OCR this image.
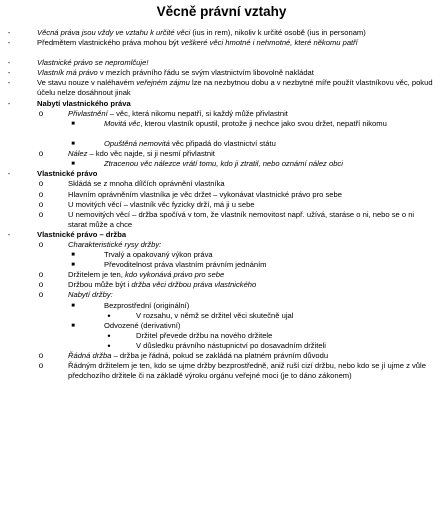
Věcně právní vztahy
-	Věcná práva jsou vždy ve vztahu k určité věci (ius in rem), nikoliv k určité osobě (ius in personam)
-	Předmětem vlastnického práva mohou být veškeré věci hmotné i nehmotné, které někomu patří
-	Vlastnické právo se nepromlčuje!
-	Vlastník má právo v mezích právního řádu se svým vlastnictvím libovolně nakládat
-	Ve stavu nouze v naléhavém veřejném zájmu lze na nezbytnou dobu a v nezbytné míře použít vlastníkovu věc, pokud účelu nelze dosáhnout jinak
-	Nabytí vlastnického práva
o	Přivlastnění – věc, která nikomu nepatří, si každý může přivlastnit
■	Movitá věc, kterou vlastník opustil, protože ji nechce jako svou držet, nepatří nikomu
■	Opuštěná nemovitá věc připadá do vlastnictví státu
o	Nález – kdo věc najde, si ji nesmí přivlastnit
■	Ztracenou věc nálezce vrátí tomu, kdo ji ztratil, nebo oznámí nález obci
-	Vlastnické právo
o	Skládá se z mnoha dílčích oprávnění vlastníka
o	Hlavním oprávněním vlastníka je věc držet – vykonávat vlastnické právo pro sebe
o	U movitých věcí – vlastník věc fyzicky drží, má ji u sebe
o	U nemovitých věcí – držba spočívá v tom, že vlastník nemovitost např. užívá, staráse o ni, nebo se o ni starat může a chce
-	Vlastnické právo – držba
o	Charakteristické rysy držby:
■	Trvalý a opakovaný výkon práva
■	Převoditelnost práva vlastním právním jednáním
o	Držitelem je ten, kdo vykonává právo pro sebe
o	Držbou může být i držba věci držbou práva vlastnického
o	Nabytí držby:
■	Bezprostřední (originální)
•	V rozsahu, v němž se držitel věci skutečně ujal
■	Odvozené (derivativní)
•	Držitel převede držbu na nového držitele
•	V důsledku právního nástupnictví po dosavadním držiteli
o	Řádná držba – držba je řádná, pokud se zakládá na platném právním důvodu
o	Řádným držitelem je ten, kdo se ujme držby bezprostředně, aniž ruší cizí držbu, nebo kdo se jí ujme z vůle předchozího držitele či na základě výroku orgánu veřejné moci (je to dáno zákonem)
